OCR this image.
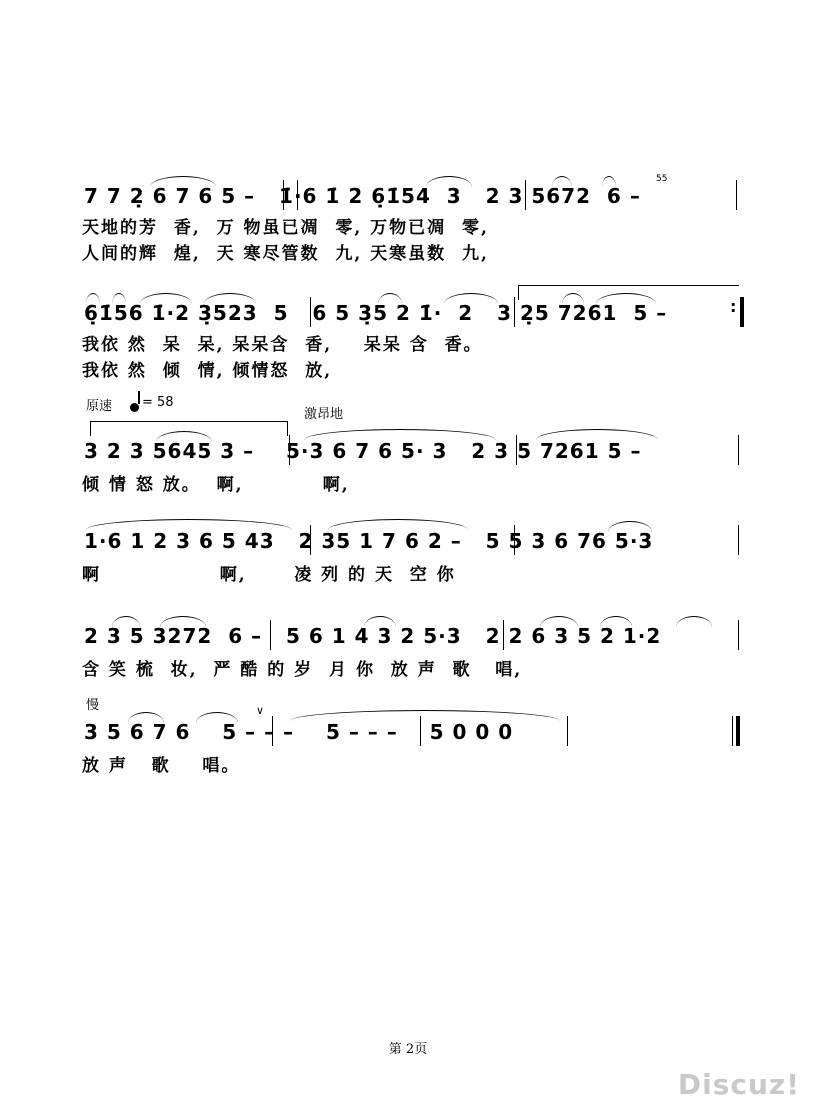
7 7 2̣ 6 7 6 5 –   1̇·6 1̇ 2 6̣1̇54  3   2 3 5672  6 –
55
天地的芳  香,  万 物虽已凋  零, 万物已凋  零,
人间的辉  煌,  天 寒尽管数  九, 天寒虽数  九,
6̣1̇56 1̇·2 3̣523  5   6 5 3̣5 2 1̇·  2   3 2̣5 7261  5 –	:
我依 然  呆  呆, 呆呆含  香,    呆呆 含  香。
我依 然  倾  情, 倾情怒  放,
原速 = 58
激昂地
3 2 3 5645 3 –    5·3 6 7 6 5· 3   2 3 5 7261 5 –
倾 情 怒 放。  啊,          啊,
1·6 1 2 3 6 5 43   2 35 1 7 6 2 –   5 5 3 6 76 5·3
啊               啊,      凌 列 的 天  空 你
2 3 5 3272  6 –   5 6 1 4 3 2 5·3   2 2 6 3 5 2 1·2
含 笑 梳  妆,  严 酷 的 岁  月 你  放 声  歌   唱,
慢	∨
3 5 6 7 6    5 – – –    5 – – –    5 0 0 0
放 声   歌    唱。
第 2页
Discuz!
